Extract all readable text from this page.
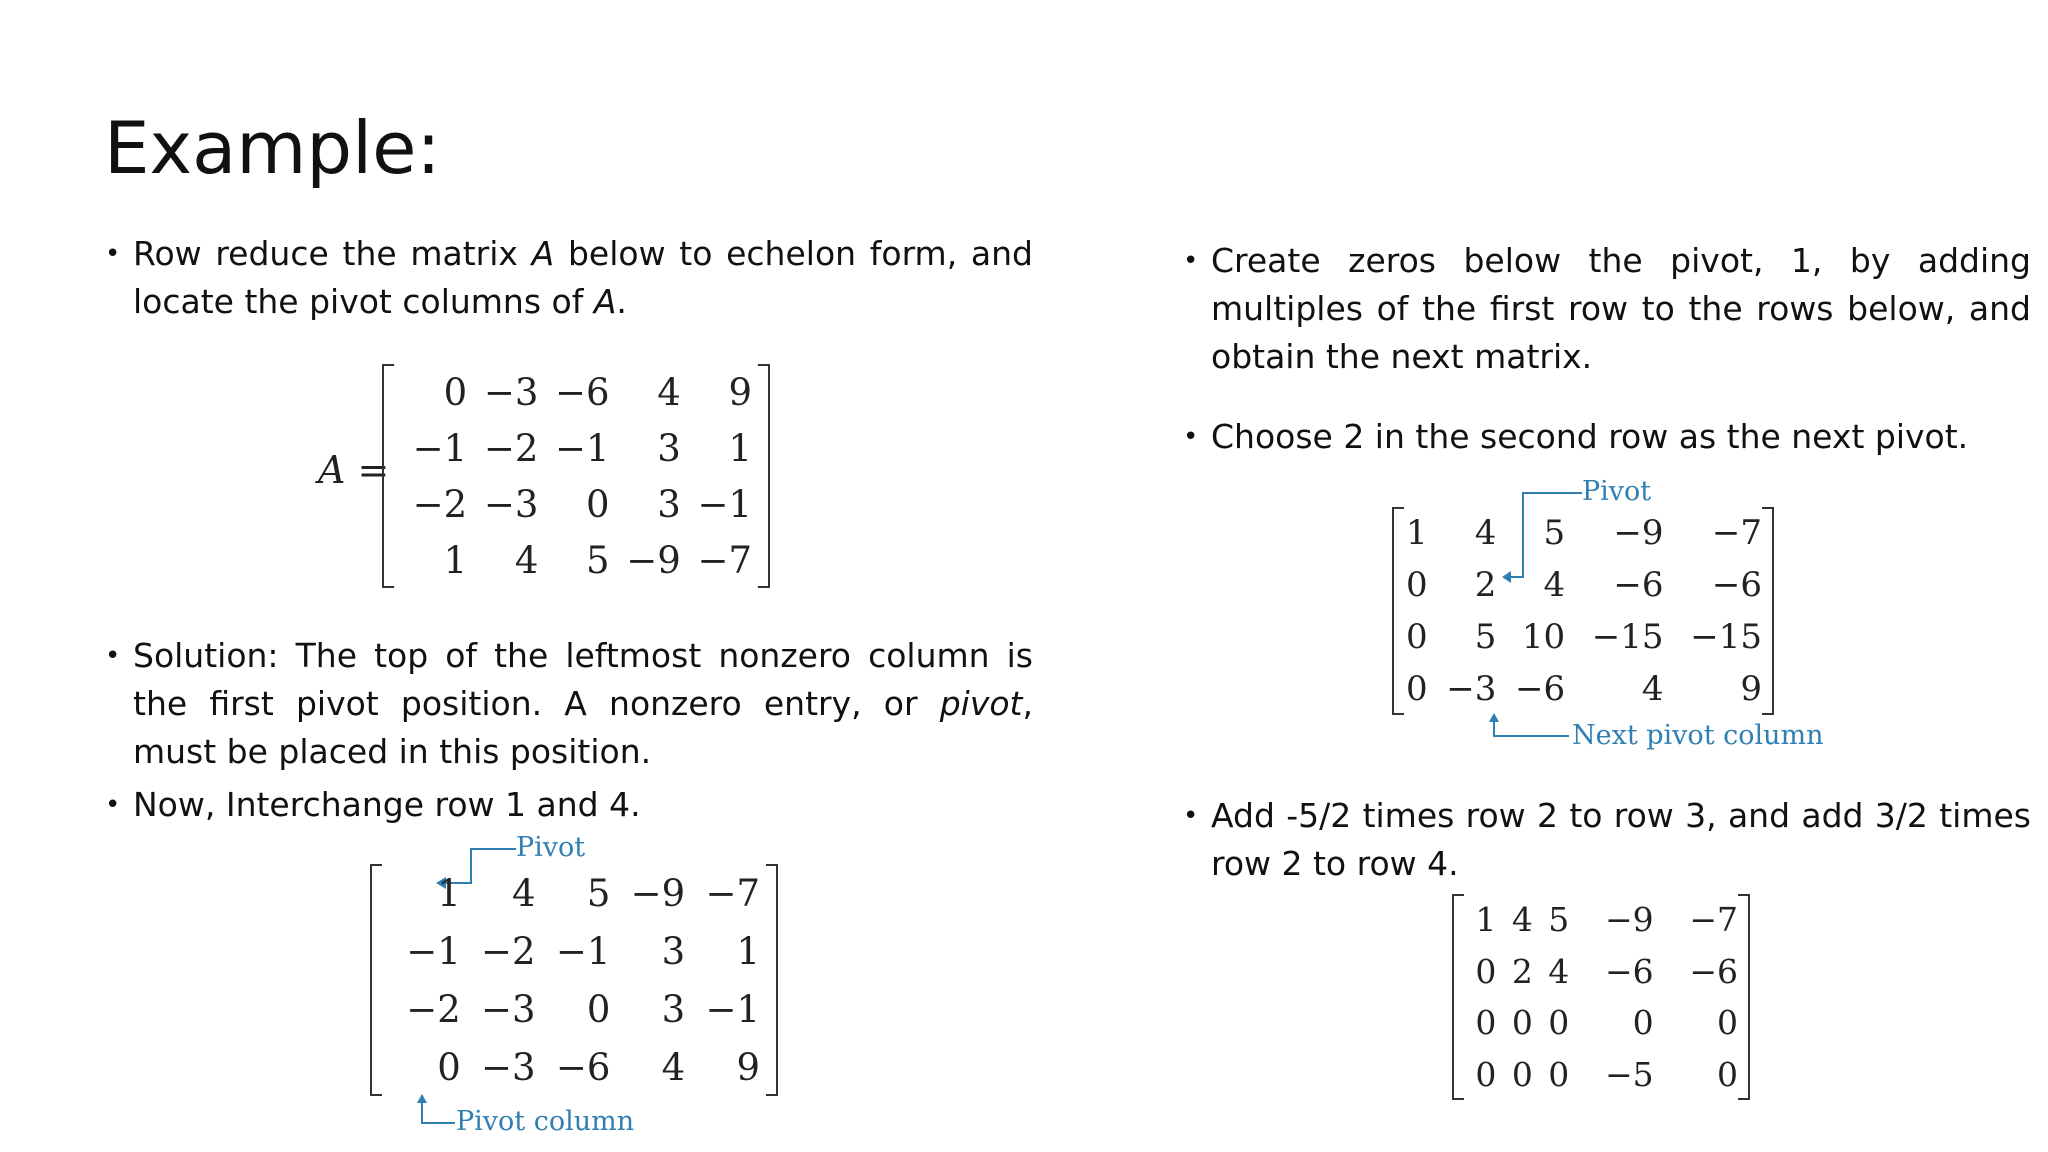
Example:

• Row reduce the matrix A below to echelon form, and locate the pivot columns of A.

A =
0	−3	−6	4	9
−1	−2	−1	3	1
−2	−3	0	3	−1
1	4	5	−9	−7

• Solution: The top of the leftmost nonzero column is the first pivot position. A nonzero entry, or pivot, must be placed in this position.

• Now, Interchange row 1 and 4.

Pivot
1	4	5	−9	−7
−1	−2	−1	3	1
−2	−3	0	3	−1
0	−3	−6	4	9
Pivot column

• Create zeros below the pivot, 1, by adding multiples of the first row to the rows below, and obtain the next matrix.

• Choose 2 in the second row as the next pivot.

Pivot
1	4	5	−9	−7
0	2	4	−6	−6
0	5	10	−15	−15
0	−3	−6	4	9
Next pivot column

• Add -5/2 times row 2 to row 3, and add 3/2 times row 2 to row 4.

1	4	5	−9	−7
0	2	4	−6	−6
0	0	0	0	0
0	0	0	−5	0
